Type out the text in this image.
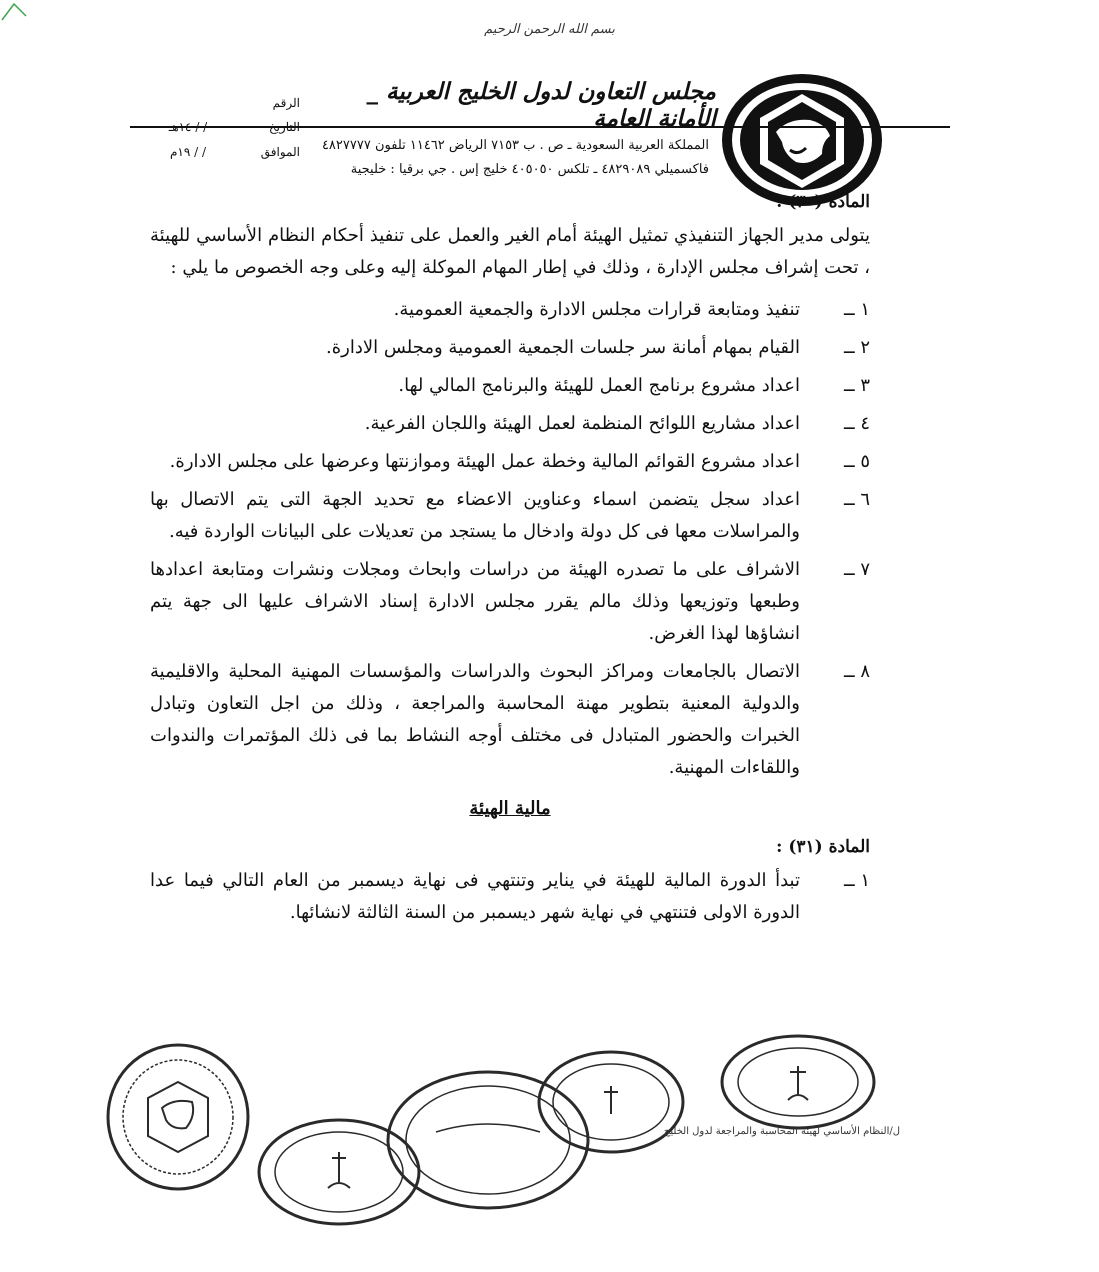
بسم الله الرحمن الرحيم
مجلس التعاون لدول الخليج العربية _ الأمانة العامة
الرقم
التاريخ
/ / ١٤هـ
الموافق
/ / ١٩م	المملكة العربية السعودية ـ ص . ب ٧١٥٣ الرياض ١١٤٦٢ تلفون ٤٨٢٧٧٧٧
فاكسميلي ٤٨٢٩٠٨٩ ـ تلكس ٤٠٥٠٥٠ خليج إس . جي برقيا : خليجية
المادة (٣٠) :

يتولى مدير الجهاز التنفيذي تمثيل الهيئة أمام الغير والعمل على تنفيذ أحكام النظام الأساسي للهيئة ، تحت إشراف مجلس الإدارة ، وذلك في إطار المهام الموكلة إليه وعلى وجه الخصوص ما يلي :

١ ــ
تنفيذ ومتابعة قرارات مجلس الادارة والجمعية العمومية.
٢ ــ
القيام بمهام أمانة سر جلسات الجمعية العمومية ومجلس الادارة.
٣ ــ
اعداد مشروع برنامج العمل للهيئة والبرنامج المالي لها.
٤ ــ
اعداد مشاريع اللوائح المنظمة لعمل الهيئة واللجان الفرعية.
٥ ــ
اعداد مشروع القوائم المالية وخطة عمل الهيئة وموازنتها وعرضها على مجلس الادارة.
٦ ــ
اعداد سجل يتضمن اسماء وعناوين الاعضاء مع تحديد الجهة التى يتم الاتصال بها والمراسلات معها فى كل دولة وادخال ما يستجد من تعديلات على البيانات الواردة فيه.
٧ ــ
الاشراف على ما تصدره الهيئة من دراسات وابحاث ومجلات ونشرات ومتابعة اعدادها وطبعها وتوزيعها وذلك مالم يقرر مجلس الادارة إسناد الاشراف عليها الى جهة يتم انشاؤها لهذا الغرض.
٨ ــ
الاتصال بالجامعات ومراكز البحوث والدراسات والمؤسسات المهنية المحلية والاقليمية والدولية المعنية بتطوير مهنة المحاسبة والمراجعة ، وذلك من اجل التعاون وتبادل الخبرات والحضور المتبادل فى مختلف أوجه النشاط بما فى ذلك المؤتمرات والندوات واللقاءات المهنية.
مالية الهيئة
المادة (٣١) :
١ ــ
تبدأ الدورة المالية للهيئة في يناير وتنتهي فى نهاية ديسمبر من العام التالي فيما عدا الدورة الاولى فتنتهي في نهاية شهر ديسمبر من السنة الثالثة لانشائها.
ل/النظام الأساسي لهيئة المحاسبة والمراجعة لدول الخليج
